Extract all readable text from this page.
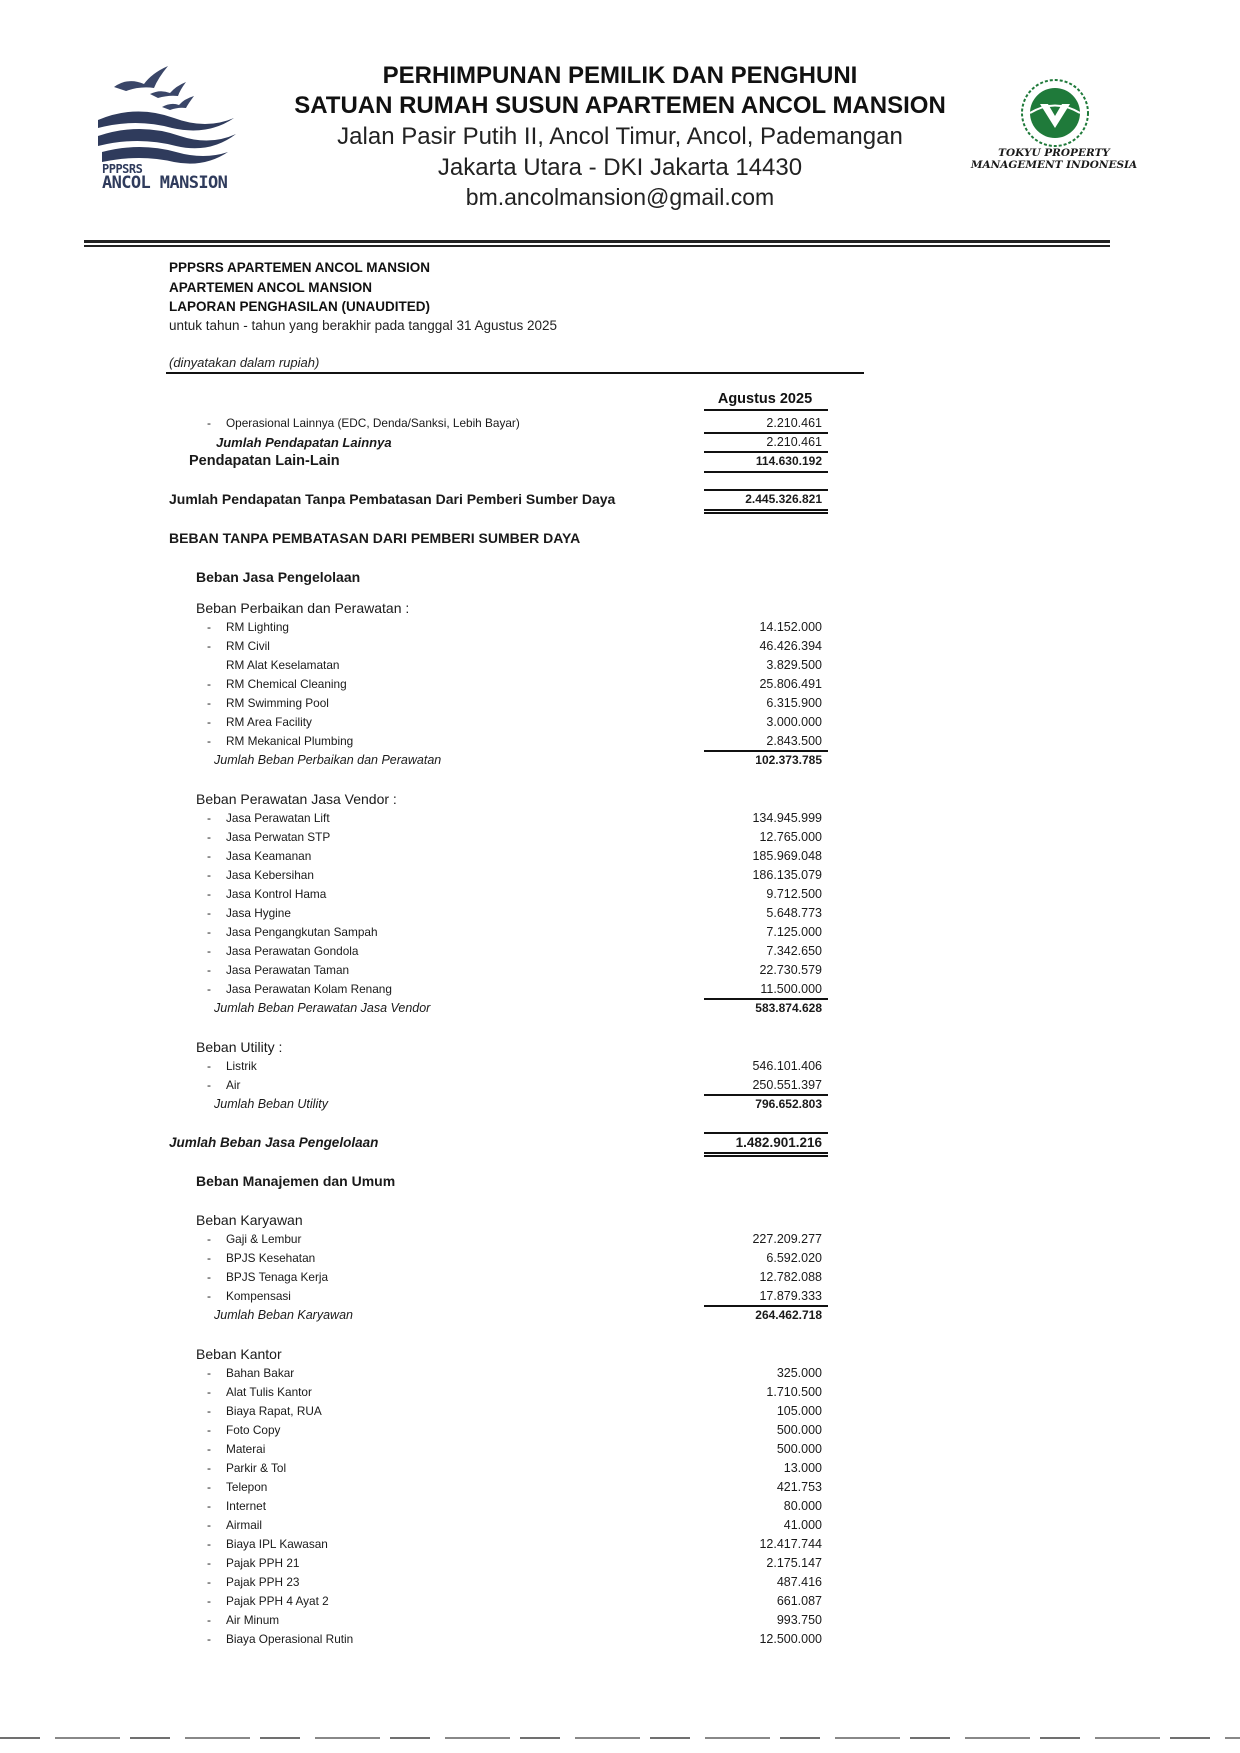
PPPSRS
ANCOL MANSION
PERHIMPUNAN PEMILIK DAN PENGHUNI
SATUAN RUMAH SUSUN APARTEMEN ANCOL MANSION
Jalan Pasir Putih II, Ancol Timur, Ancol, Pademangan
Jakarta Utara - DKI Jakarta 14430
bm.ancolmansion@gmail.com
TOKYU PROPERTY
MANAGEMENT INDONESIA
PPPSRS APARTEMEN ANCOL MANSION
APARTEMEN ANCOL MANSION
LAPORAN PENGHASILAN (UNAUDITED)
untuk tahun - tahun yang berakhir pada tanggal 31 Agustus 2025
(dinyatakan dalam rupiah)
Agustus 2025
- Operasional Lainnya (EDC, Denda/Sanksi, Lebih Bayar)	2.210.461
Jumlah Pendapatan Lainnya	2.210.461
Pendapatan Lain-Lain	114.630.192
Jumlah Pendapatan Tanpa Pembatasan Dari Pemberi Sumber Daya	2.445.326.821
BEBAN TANPA PEMBATASAN DARI PEMBERI SUMBER DAYA
Beban Jasa Pengelolaan
Beban Perbaikan dan Perawatan :
- RM Lighting	14.152.000
- RM Civil	46.426.394
RM Alat Keselamatan	3.829.500
- RM Chemical Cleaning	25.806.491
- RM Swimming Pool	6.315.900
- RM Area Facility	3.000.000
- RM Mekanical Plumbing	2.843.500
Jumlah Beban Perbaikan dan Perawatan	102.373.785
Beban Perawatan Jasa Vendor :
- Jasa Perawatan Lift	134.945.999
- Jasa Perwatan STP	12.765.000
- Jasa Keamanan	185.969.048
- Jasa Kebersihan	186.135.079
- Jasa Kontrol Hama	9.712.500
- Jasa Hygine	5.648.773
- Jasa Pengangkutan Sampah	7.125.000
- Jasa Perawatan Gondola	7.342.650
- Jasa Perawatan Taman	22.730.579
- Jasa Perawatan Kolam Renang	11.500.000
Jumlah Beban Perawatan Jasa Vendor	583.874.628
Beban Utility :
- Listrik	546.101.406
- Air	250.551.397
Jumlah Beban Utility	796.652.803
Jumlah Beban Jasa Pengelolaan	1.482.901.216
Beban Manajemen dan Umum
Beban Karyawan
- Gaji & Lembur	227.209.277
- BPJS Kesehatan	6.592.020
- BPJS Tenaga Kerja	12.782.088
- Kompensasi	17.879.333
Jumlah Beban Karyawan	264.462.718
Beban Kantor
- Bahan Bakar	325.000
- Alat Tulis Kantor	1.710.500
- Biaya Rapat, RUA	105.000
- Foto Copy	500.000
- Materai	500.000
- Parkir & Tol	13.000
- Telepon	421.753
- Internet	80.000
- Airmail	41.000
- Biaya IPL Kawasan	12.417.744
- Pajak PPH 21	2.175.147
- Pajak PPH 23	487.416
- Pajak PPH 4 Ayat 2	661.087
- Air Minum	993.750
- Biaya Operasional Rutin	12.500.000
